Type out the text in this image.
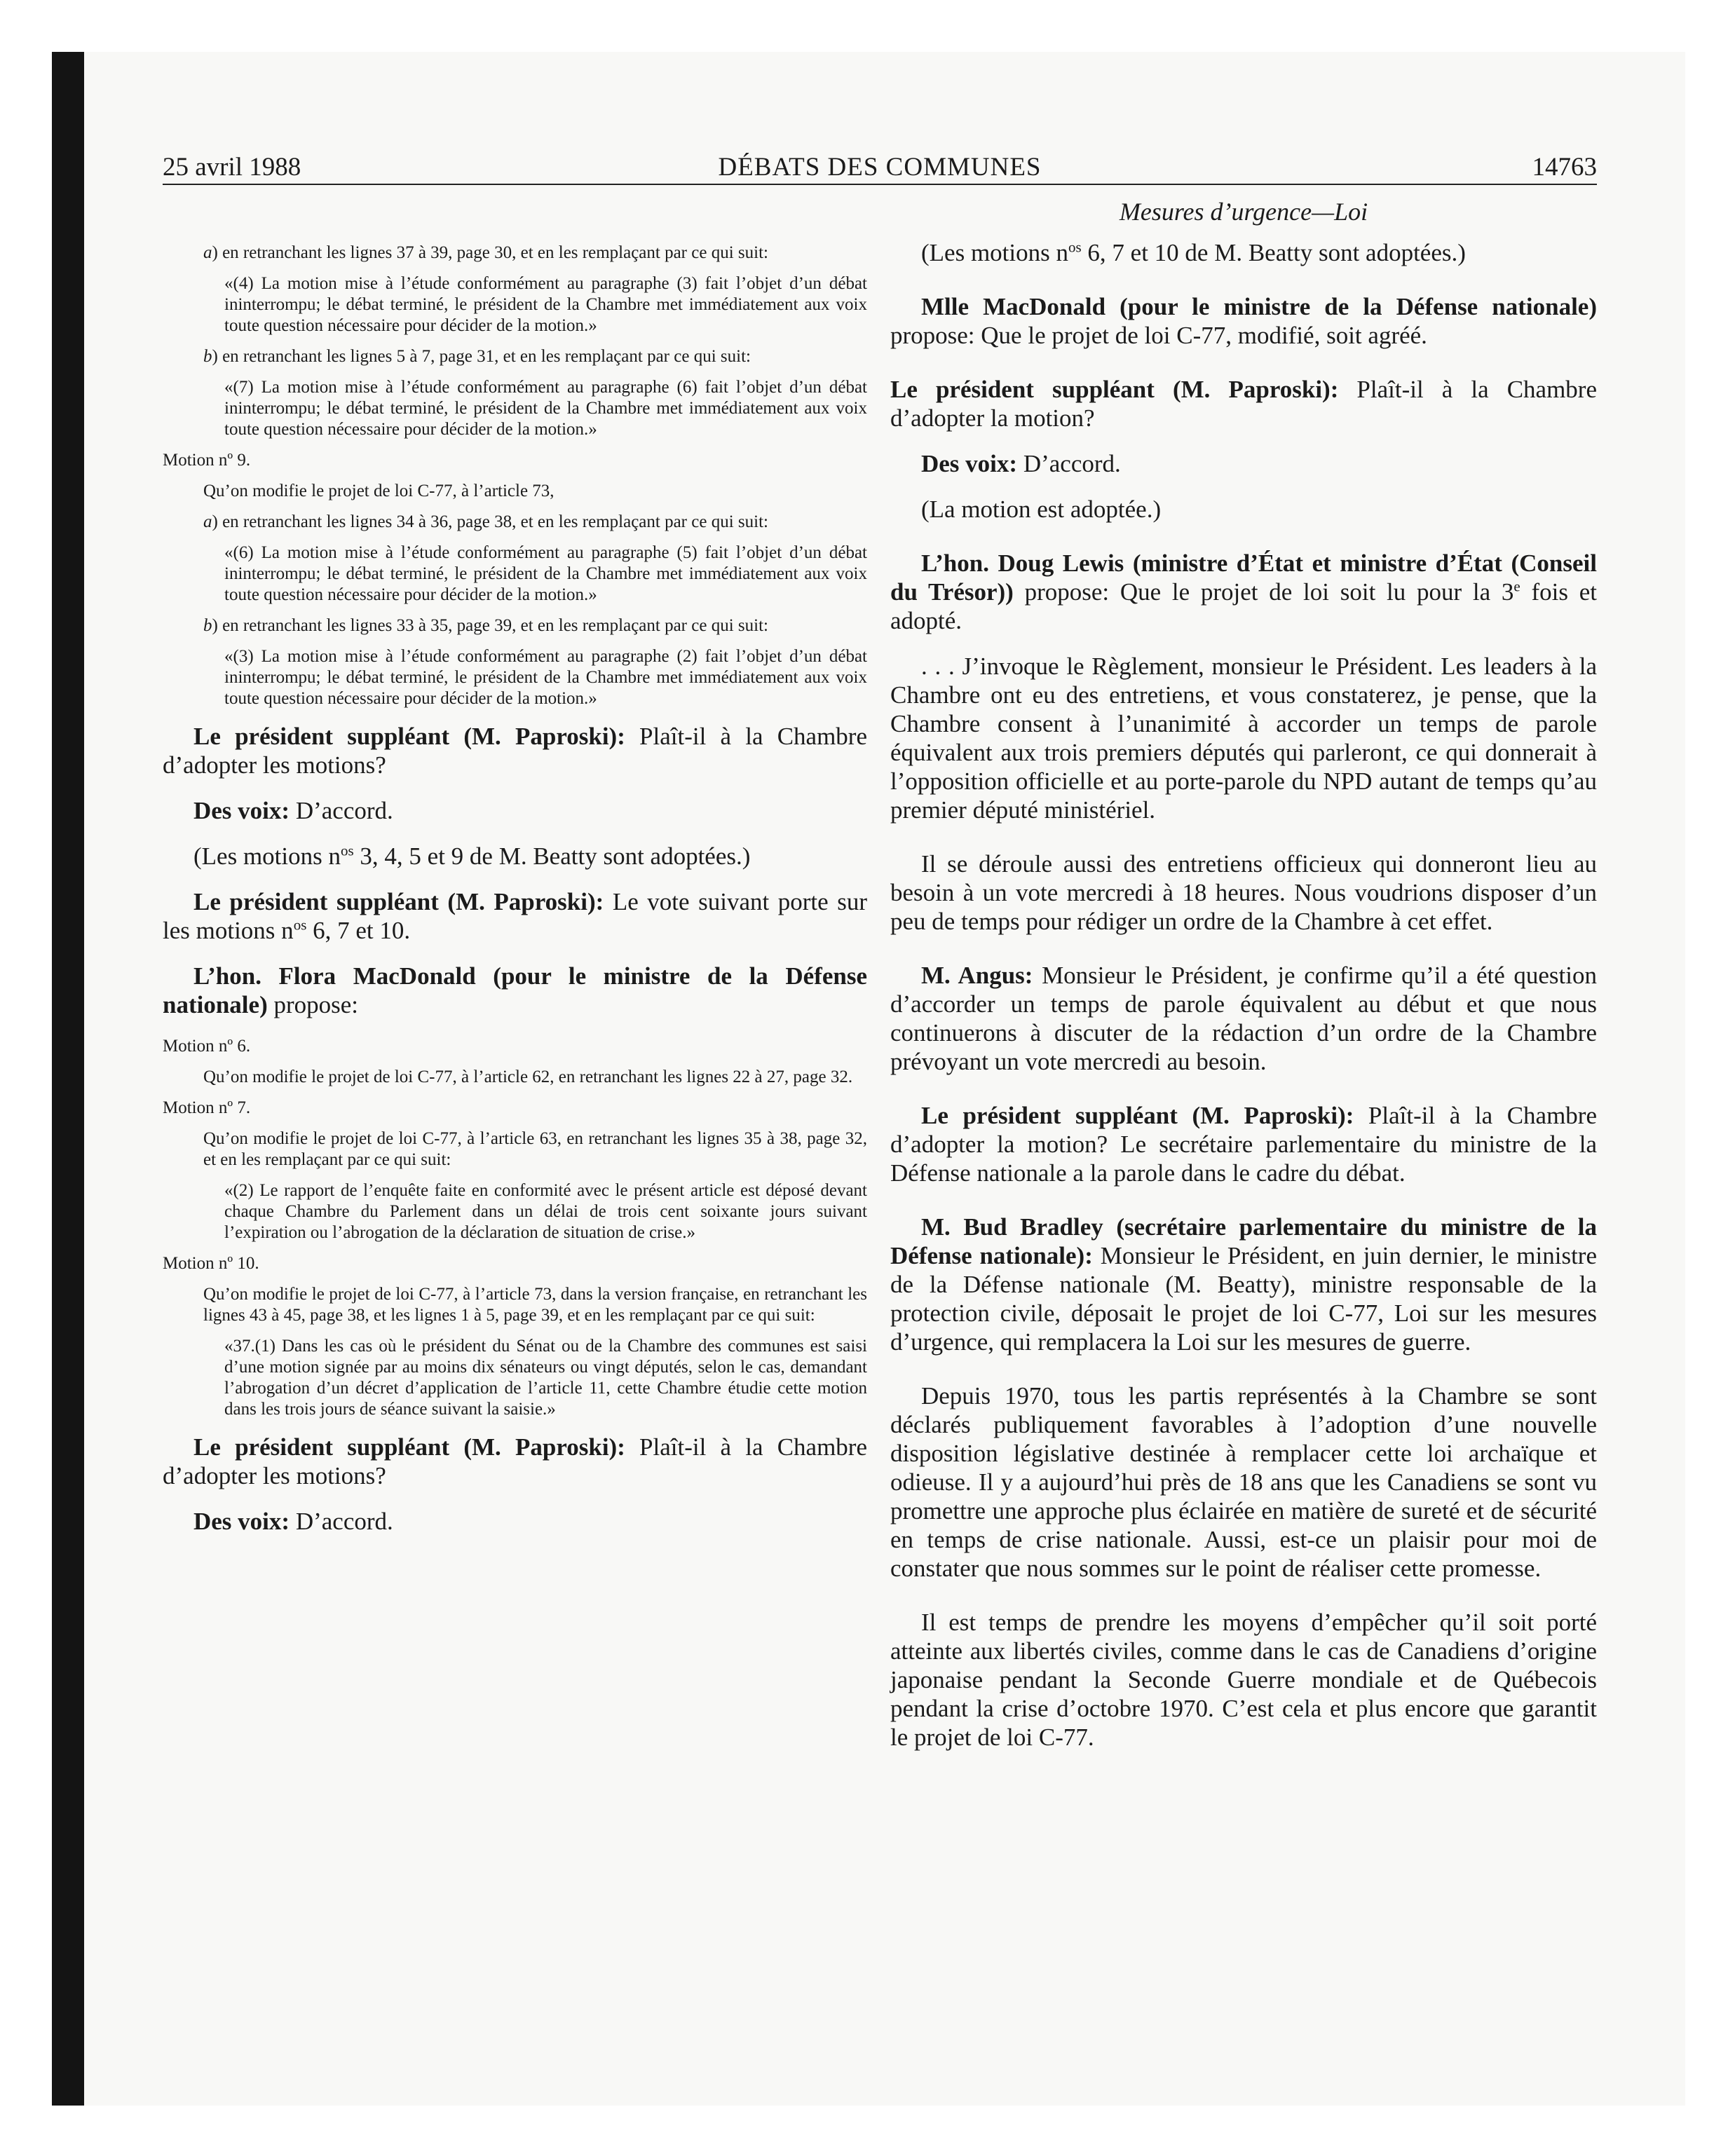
25 avril 1988	DÉBATS DES COMMUNES	14763

a) en retranchant les lignes 37 à 39, page 30, et en les remplaçant par ce qui suit:

«(4) La motion mise à l’étude conformément au paragraphe (3) fait l’objet d’un débat ininterrompu; le débat terminé, le président de la Chambre met immédiatement aux voix toute question nécessaire pour décider de la motion.»

b) en retranchant les lignes 5 à 7, page 31, et en les remplaçant par ce qui suit:

«(7) La motion mise à l’étude conformément au paragraphe (6) fait l’objet d’un débat ininterrompu; le débat terminé, le président de la Chambre met immédiatement aux voix toute question nécessaire pour décider de la motion.»

Motion nº 9.

Qu’on modifie le projet de loi C-77, à l’article 73,

a) en retranchant les lignes 34 à 36, page 38, et en les remplaçant par ce qui suit:

«(6) La motion mise à l’étude conformément au paragraphe (5) fait l’objet d’un débat ininterrompu; le débat terminé, le président de la Chambre met immédiatement aux voix toute question nécessaire pour décider de la motion.»

b) en retranchant les lignes 33 à 35, page 39, et en les remplaçant par ce qui suit:

«(3) La motion mise à l’étude conformément au paragraphe (2) fait l’objet d’un débat ininterrompu; le débat terminé, le président de la Chambre met immédiatement aux voix toute question nécessaire pour décider de la motion.»

Le président suppléant (M. Paproski): Plaît-il à la Chambre d’adopter les motions?

Des voix: D’accord.

(Les motions $n^{os}$ 3, 4, 5 et 9 de M. Beatty sont adoptées.)

Le président suppléant (M. Paproski): Le vote suivant porte sur les motions $n^{os}$ 6, 7 et 10.

L’hon. Flora MacDonald (pour le ministre de la Défense nationale) propose:

Motion nº 6.

Qu’on modifie le projet de loi C-77, à l’article 62, en retranchant les lignes 22 à 27, page 32.

Motion nº 7.

Qu’on modifie le projet de loi C-77, à l’article 63, en retranchant les lignes 35 à 38, page 32, et en les remplaçant par ce qui suit:

«(2) Le rapport de l’enquête faite en conformité avec le présent article est déposé devant chaque Chambre du Parlement dans un délai de trois cent soixante jours suivant l’expiration ou l’abrogation de la déclaration de situation de crise.»

Motion nº 10.

Qu’on modifie le projet de loi C-77, à l’article 73, dans la version française, en retranchant les lignes 43 à 45, page 38, et les lignes 1 à 5, page 39, et en les remplaçant par ce qui suit:

«37.(1) Dans les cas où le président du Sénat ou de la Chambre des communes est saisi d’une motion signée par au moins dix sénateurs ou vingt députés, selon le cas, demandant l’abrogation d’un décret d’application de l’article 11, cette Chambre étudie cette motion dans les trois jours de séance suivant la saisie.»

Le président suppléant (M. Paproski): Plaît-il à la Chambre d’adopter les motions?

Des voix: D’accord.

Mesures d’urgence—Loi

(Les motions $n^{os}$ 6, 7 et 10 de M. Beatty sont adoptées.)

Mlle MacDonald (pour le ministre de la Défense nationale) propose: Que le projet de loi C-77, modifié, soit agréé.

Le président suppléant (M. Paproski): Plaît-il à la Chambre d’adopter la motion?

Des voix: D’accord.

(La motion est adoptée.)

L’hon. Doug Lewis (ministre d’État et ministre d’État (Conseil du Trésor)) propose: Que le projet de loi soit lu pour la 3e fois et adopté.

. . . J’invoque le Règlement, monsieur le Président. Les leaders à la Chambre ont eu des entretiens, et vous constaterez, je pense, que la Chambre consent à l’unanimité à accorder un temps de parole équivalent aux trois premiers députés qui parleront, ce qui donnerait à l’opposition officielle et au porte-parole du NPD autant de temps qu’au premier député ministériel.

Il se déroule aussi des entretiens officieux qui donneront lieu au besoin à un vote mercredi à 18 heures. Nous voudrions disposer d’un peu de temps pour rédiger un ordre de la Chambre à cet effet.

M. Angus: Monsieur le Président, je confirme qu’il a été question d’accorder un temps de parole équivalent au début et que nous continuerons à discuter de la rédaction d’un ordre de la Chambre prévoyant un vote mercredi au besoin.

Le président suppléant (M. Paproski): Plaît-il à la Chambre d’adopter la motion? Le secrétaire parlementaire du ministre de la Défense nationale a la parole dans le cadre du débat.

M. Bud Bradley (secrétaire parlementaire du ministre de la Défense nationale): Monsieur le Président, en juin dernier, le ministre de la Défense nationale (M. Beatty), ministre responsable de la protection civile, déposait le projet de loi C-77, Loi sur les mesures d’urgence, qui remplacera la Loi sur les mesures de guerre.

Depuis 1970, tous les partis représentés à la Chambre se sont déclarés publiquement favorables à l’adoption d’une nouvelle disposition législative destinée à remplacer cette loi archaïque et odieuse. Il y a aujourd’hui près de 18 ans que les Canadiens se sont vu promettre une approche plus éclairée en matière de sureté et de sécurité en temps de crise nationale. Aussi, est-ce un plaisir pour moi de constater que nous sommes sur le point de réaliser cette promesse.

Il est temps de prendre les moyens d’empêcher qu’il soit porté atteinte aux libertés civiles, comme dans le cas de Canadiens d’origine japonaise pendant la Seconde Guerre mondiale et de Québecois pendant la crise d’octobre 1970. C’est cela et plus encore que garantit le projet de loi C-77.
